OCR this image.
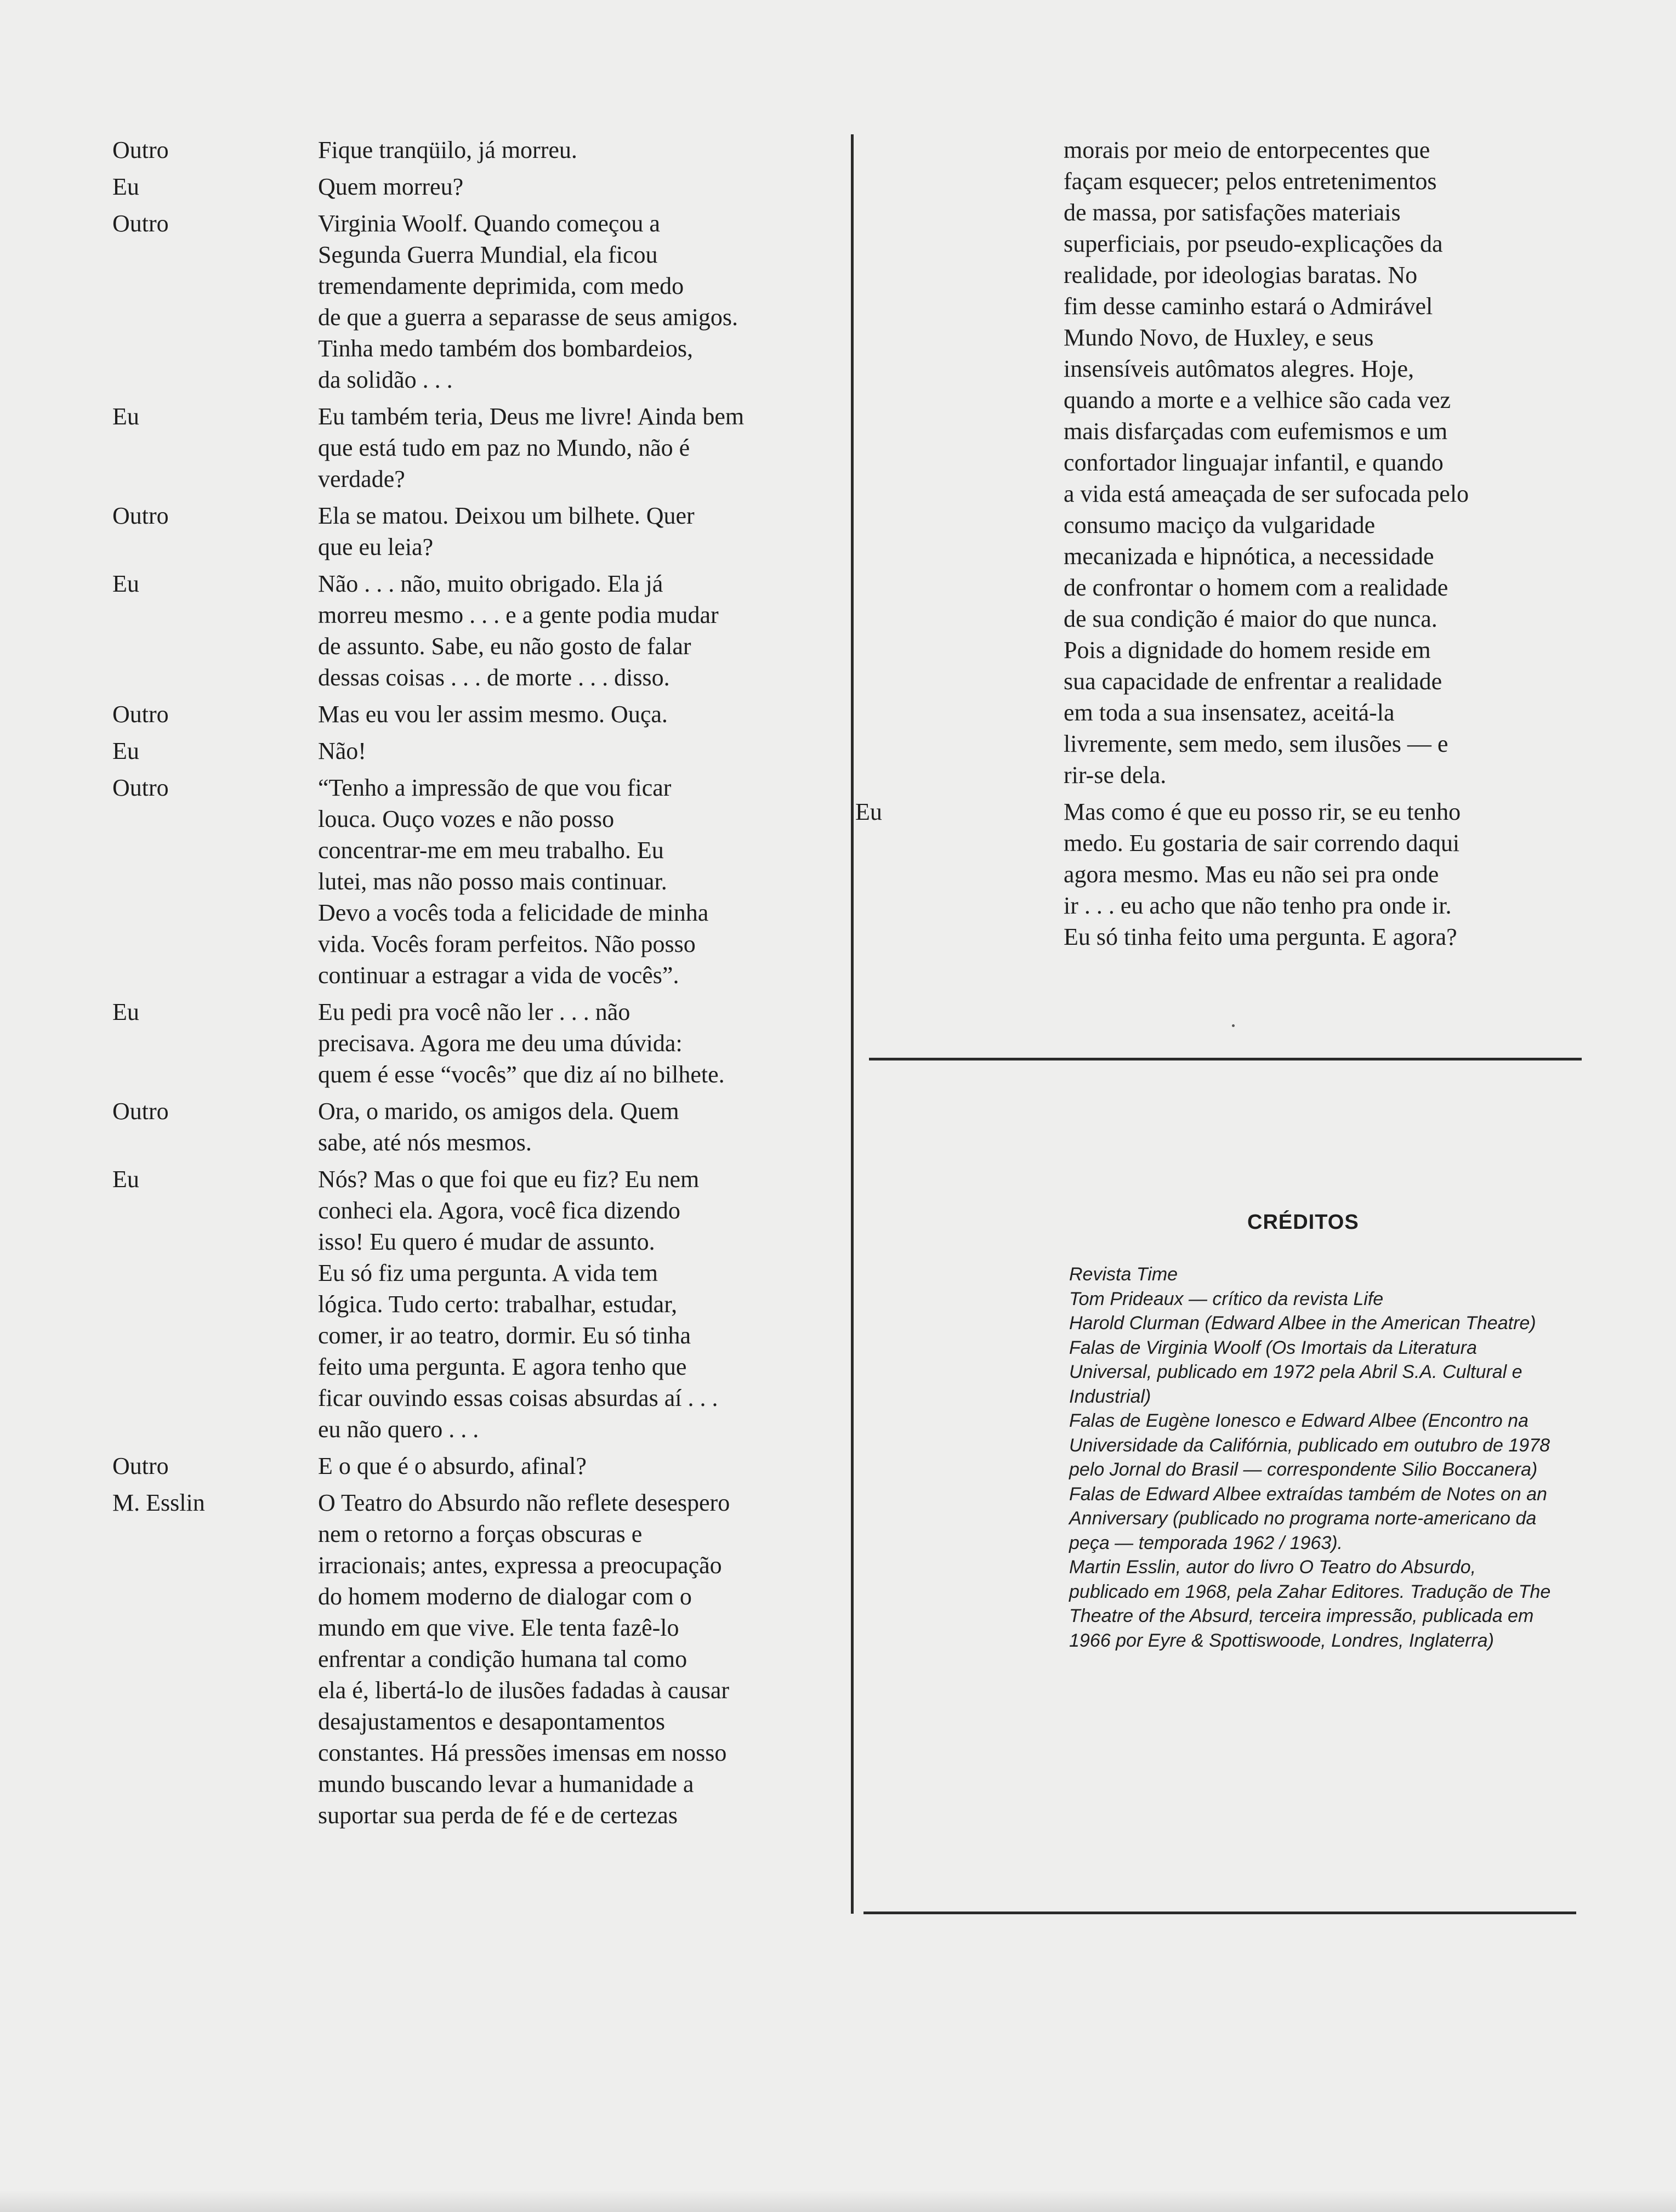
Outro	Fique tranqüilo, já morreu.
Eu	Quem morreu?
Outro	Virginia Woolf. Quando começou a
Segunda Guerra Mundial, ela ficou
tremendamente deprimida, com medo
de que a guerra a separasse de seus amigos.
Tinha medo também dos bombardeios,
da solidão . . .
Eu	Eu também teria, Deus me livre! Ainda bem
que está tudo em paz no Mundo, não é
verdade?
Outro	Ela se matou. Deixou um bilhete. Quer
que eu leia?
Eu	Não . . . não, muito obrigado. Ela já
morreu mesmo . . . e a gente podia mudar
de assunto. Sabe, eu não gosto de falar
dessas coisas . . . de morte . . . disso.
Outro	Mas eu vou ler assim mesmo. Ouça.
Eu	Não!
Outro	“Tenho a impressão de que vou ficar
louca. Ouço vozes e não posso
concentrar-me em meu trabalho. Eu
lutei, mas não posso mais continuar.
Devo a vocês toda a felicidade de minha
vida. Vocês foram perfeitos. Não posso
continuar a estragar a vida de vocês”.
Eu	Eu pedi pra você não ler . . . não
precisava. Agora me deu uma dúvida:
quem é esse “vocês” que diz aí no bilhete.
Outro	Ora, o marido, os amigos dela. Quem
sabe, até nós mesmos.
Eu	Nós? Mas o que foi que eu fiz? Eu nem
conheci ela. Agora, você fica dizendo
isso! Eu quero é mudar de assunto.
Eu só fiz uma pergunta. A vida tem
lógica. Tudo certo: trabalhar, estudar,
comer, ir ao teatro, dormir. Eu só tinha
feito uma pergunta. E agora tenho que
ficar ouvindo essas coisas absurdas aí . . .
eu não quero . . .
Outro	E o que é o absurdo, afinal?
M. Esslin	O Teatro do Absurdo não reflete desespero
nem o retorno a forças obscuras e
irracionais; antes, expressa a preocupação
do homem moderno de dialogar com o
mundo em que vive. Ele tenta fazê-lo
enfrentar a condição humana tal como
ela é, libertá-lo de ilusões fadadas à causar
desajustamentos e desapontamentos
constantes. Há pressões imensas em nosso
mundo buscando levar a humanidade a
suportar sua perda de fé e de certezas
morais por meio de entorpecentes que
façam esquecer; pelos entretenimentos
de massa, por satisfações materiais
superficiais, por pseudo-explicações da
realidade, por ideologias baratas. No
fim desse caminho estará o Admirável
Mundo Novo, de Huxley, e seus
insensíveis autômatos alegres. Hoje,
quando a morte e a velhice são cada vez
mais disfarçadas com eufemismos e um
confortador linguajar infantil, e quando
a vida está ameaçada de ser sufocada pelo
consumo maciço da vulgaridade
mecanizada e hipnótica, a necessidade
de confrontar o homem com a realidade
de sua condição é maior do que nunca.
Pois a dignidade do homem reside em
sua capacidade de enfrentar a realidade
em toda a sua insensatez, aceitá-la
livremente, sem medo, sem ilusões — e
rir-se dela.
Eu	Mas como é que eu posso rir, se eu tenho
medo. Eu gostaria de sair correndo daqui
agora mesmo. Mas eu não sei pra onde
ir . . . eu acho que não tenho pra onde ir.
Eu só tinha feito uma pergunta. E agora?
CRÉDITOS
Revista Time
Tom Prideaux — crítico da revista Life
Harold Clurman (Edward Albee in the American Theatre)
Falas de Virginia Woolf (Os Imortais da Literatura Universal, publicado em 1972 pela Abril S.A. Cultural e Industrial)
Falas de Eugène Ionesco e Edward Albee (Encontro na Universidade da Califórnia, publicado em outubro de 1978 pelo Jornal do Brasil — correspondente Silio Boccanera)
Falas de Edward Albee extraídas também de Notes on an Anniversary (publicado no programa norte-americano da peça — temporada 1962 / 1963).
Martin Esslin, autor do livro O Teatro do Absurdo, publicado em 1968, pela Zahar Editores. Tradução de The Theatre of the Absurd, terceira impressão, publicada em 1966 por Eyre & Spottiswoode, Londres, Inglaterra)
